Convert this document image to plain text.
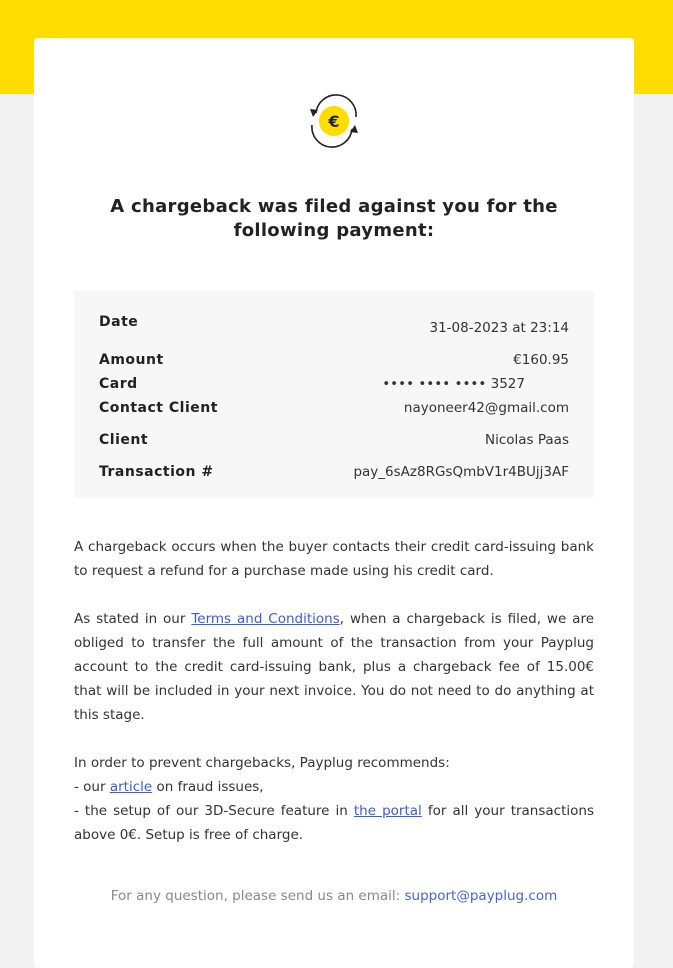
€
A chargeback was filed against you for the following payment:
Date	31-08-2023 at 23:14
Amount	€160.95
Card	•••• •••• •••• 3527
Contact Client	nayoneer42@gmail.com
Client	Nicolas Paas
Transaction #	pay_6sAz8RGsQmbV1r4BUjj3AF

A chargeback occurs when the buyer contacts their credit card-issuing bank to request a refund for a purchase made using his credit card.

As stated in our Terms and Conditions, when a chargeback is filed, we are obliged to transfer the full amount of the transaction from your Payplug account to the credit card-issuing bank, plus a chargeback fee of 15.00€ that will be included in your next invoice. You do not need to do anything at this stage.

In order to prevent chargebacks, Payplug recommends:
- our article on fraud issues,
- the setup of our 3D-Secure feature in the portal for all your transactions above 0€. Setup is free of charge.

For any question, please send us an email: support@payplug.com
